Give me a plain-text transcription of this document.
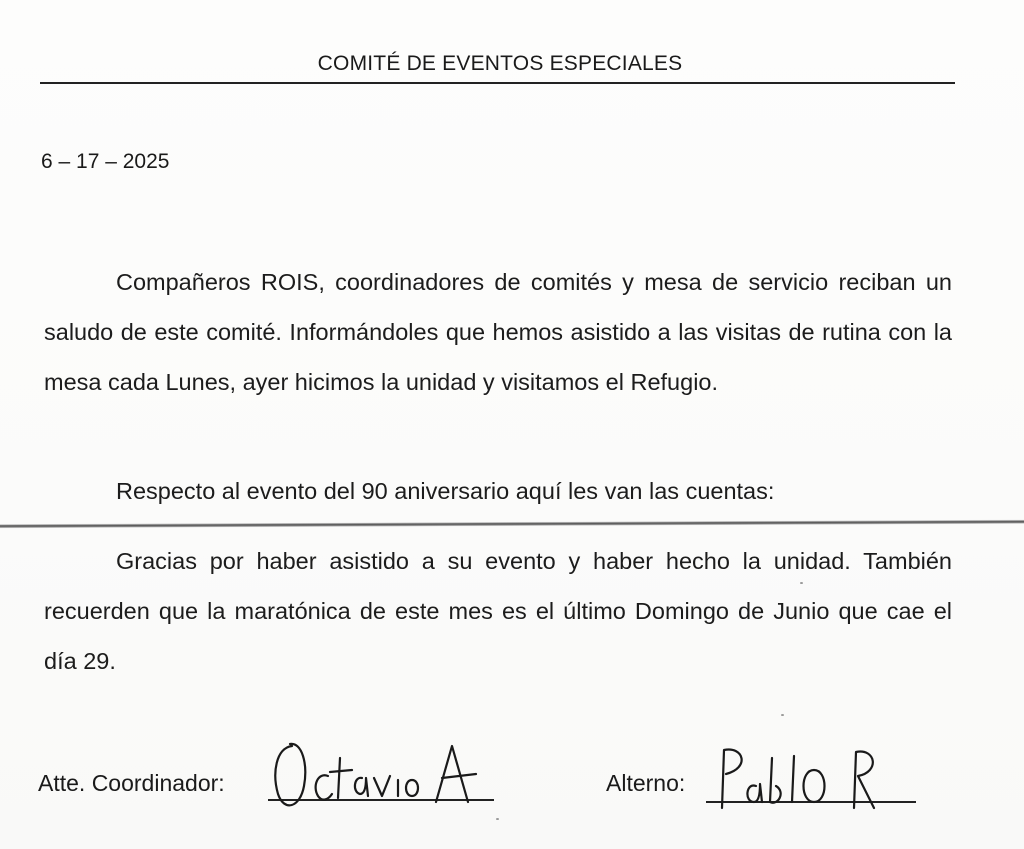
COMITÉ DE EVENTOS ESPECIALES
6 – 17 – 2025
Compañeros ROIS, coordinadores de comités y mesa de servicio reciban un saludo de este comité. Informándoles que hemos asistido a las visitas de rutina con la mesa cada Lunes, ayer hicimos la unidad y visitamos el Refugio.
Respecto al evento del 90 aniversario aquí les van las cuentas:
Gracias por haber asistido a su evento y haber hecho la unidad. También recuerden que la maratónica de este mes es el último Domingo de Junio que cae el día 29.
Atte. Coordinador:	Alterno:
